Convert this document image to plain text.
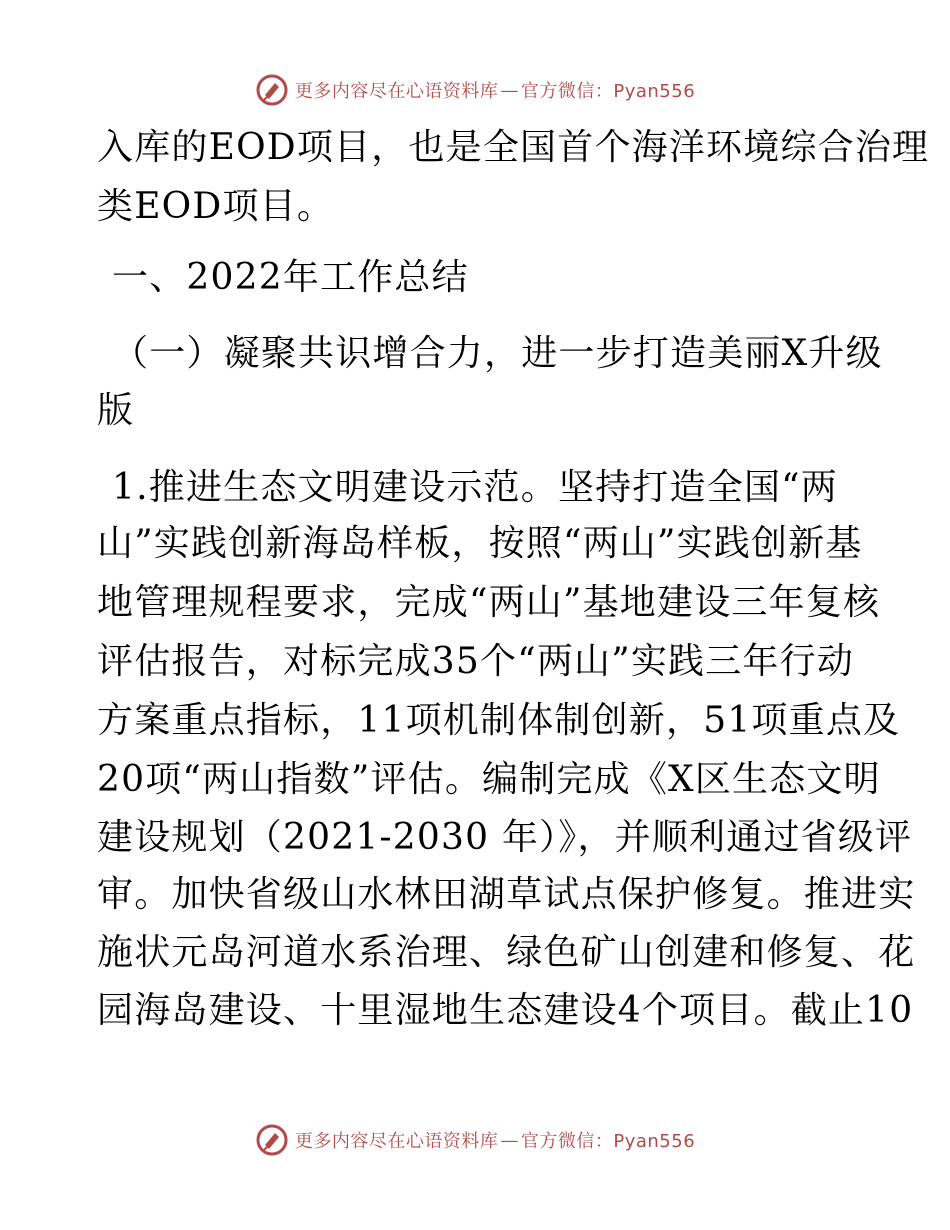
更多内容尽在心语资料库 — 官方微信：Pyan556
入库的EOD项目，也是全国首个海洋环境综合治理
类EOD项目。
一、2022年工作总结
（一）凝聚共识增合力，进一步打造美丽X升级
版
1.推进生态文明建设示范。坚持打造全国“两
山”实践创新海岛样板，按照“两山”实践创新基
地管理规程要求，完成“两山”基地建设三年复核
评估报告，对标完成35个“两山”实践三年行动
方案重点指标，11项机制体制创新，51项重点及
20项“两山指数”评估。编制完成《X区生态文明
建设规划（2021-2030 年）》，并顺利通过省级评
审。加快省级山水林田湖草试点保护修复。推进实
施状元岛河道水系治理、绿色矿山创建和修复、花
园海岛建设、十里湿地生态建设4个项目。截止10
更多内容尽在心语资料库 — 官方微信：Pyan556
